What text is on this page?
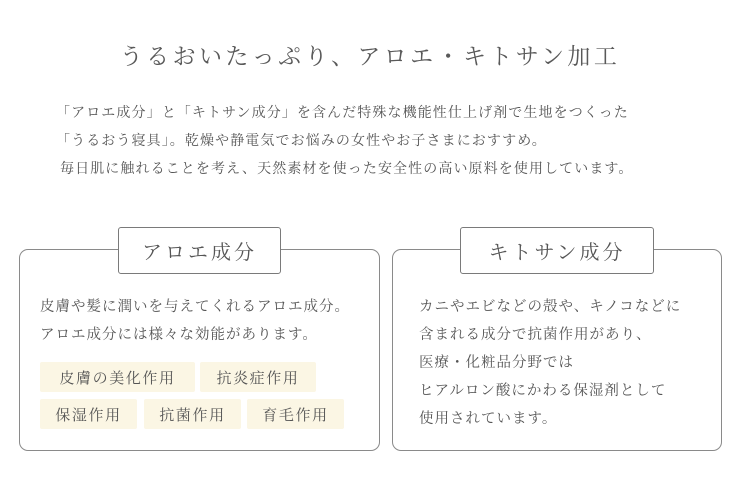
うるおいたっぷり、アロエ・キトサン加工
「アロエ成分」と「キトサン成分」を含んだ特殊な機能性仕上げ剤で生地をつくった
「うるおう寝具」。乾燥や静電気でお悩みの女性やお子さまにおすすめ。
毎日肌に触れることを考え、天然素材を使った安全性の高い原料を使用しています。
アロエ成分
皮膚や髪に潤いを与えてくれるアロエ成分。
アロエ成分には様々な効能があります。
皮膚の美化作用	抗炎症作用
保湿作用	抗菌作用	育毛作用
キトサン成分
カニやエビなどの殻や、キノコなどに
含まれる成分で抗菌作用があり、
医療・化粧品分野では
ヒアルロン酸にかわる保湿剤として
使用されています。
